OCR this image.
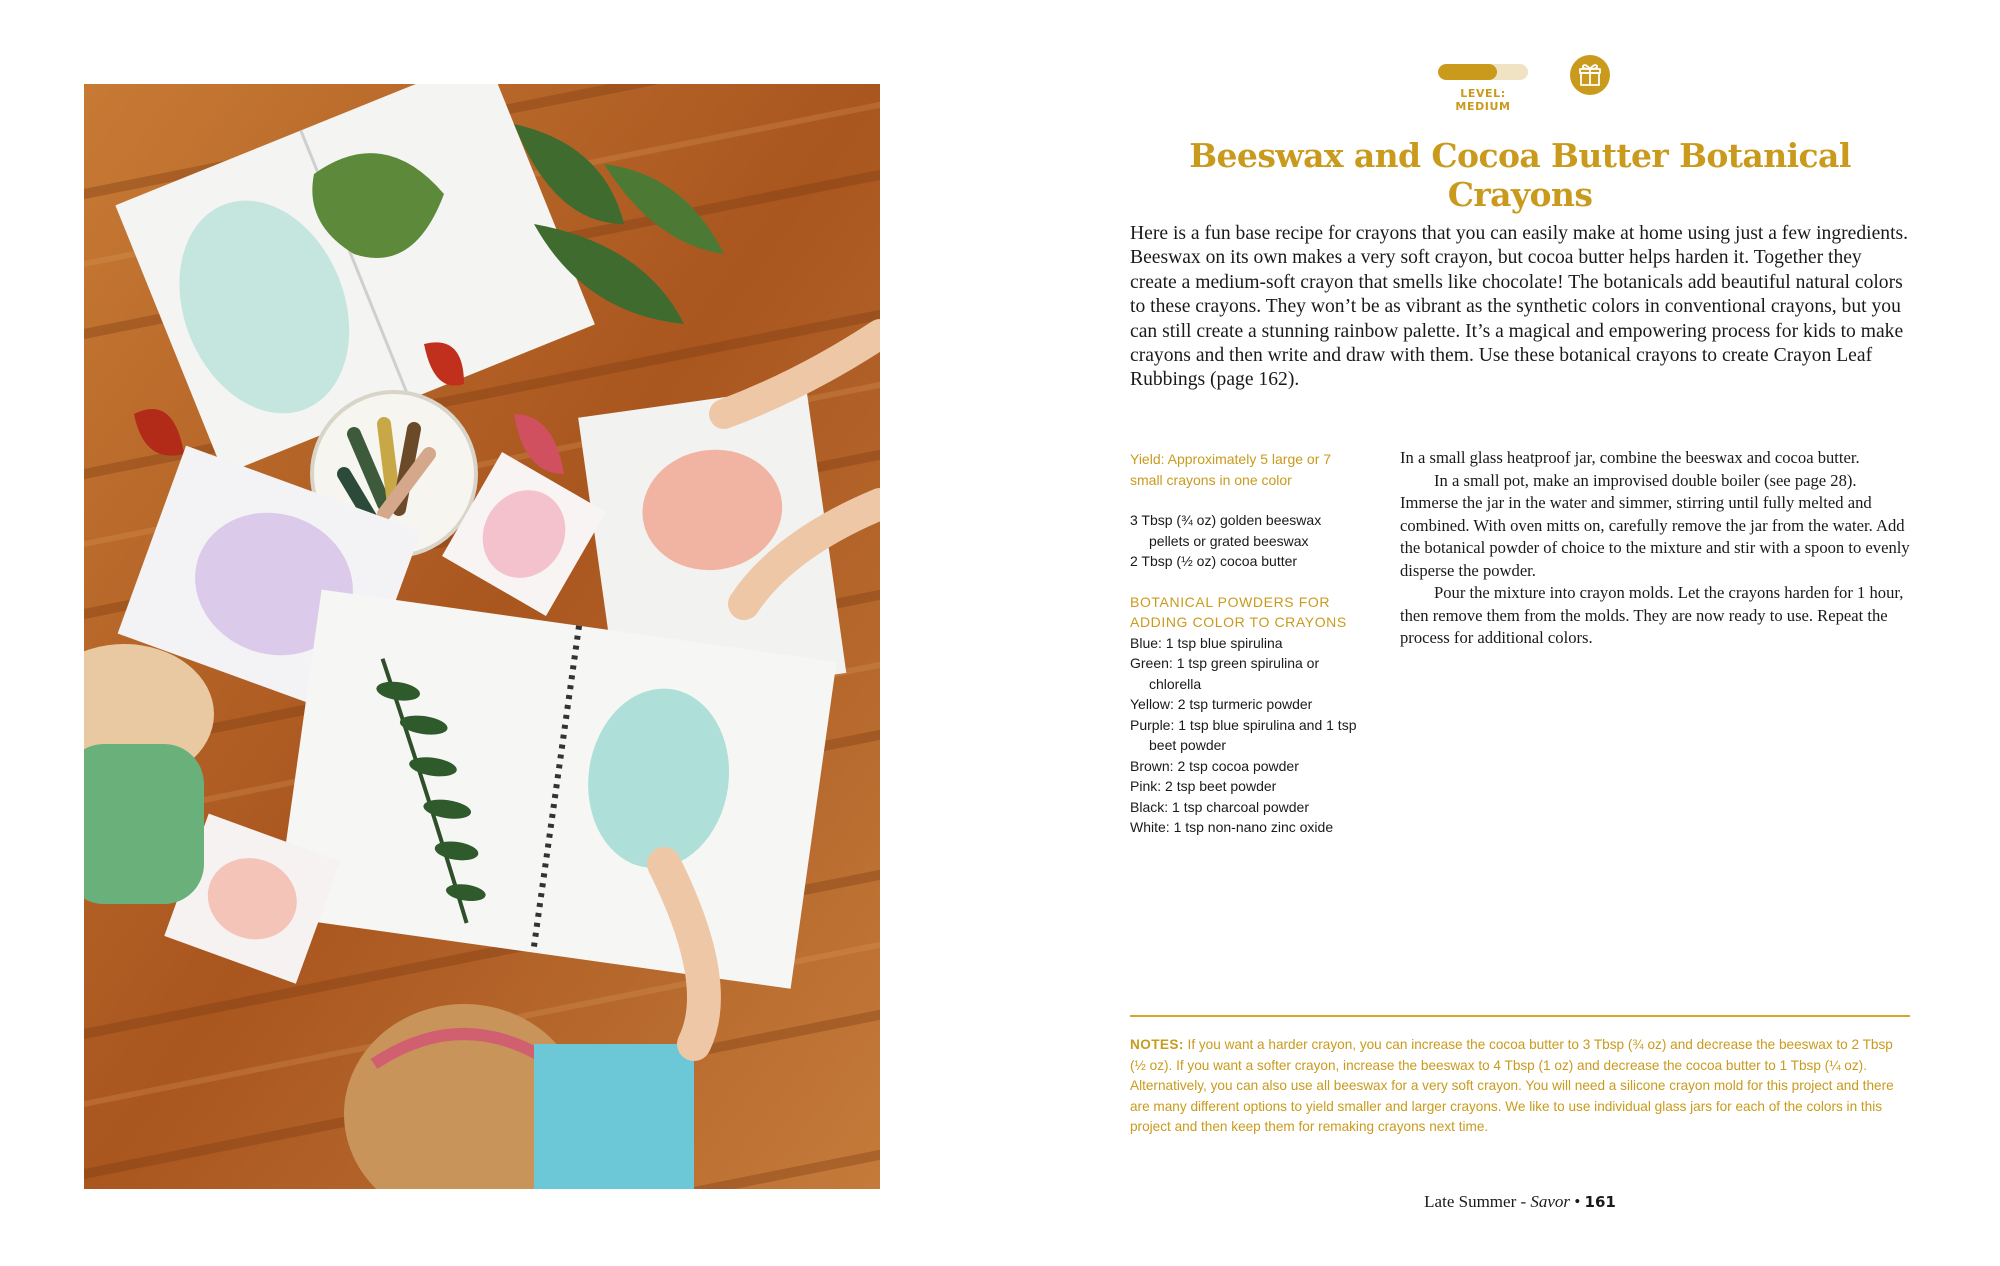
LEVEL: MEDIUM
Beeswax and Cocoa Butter Botanical Crayons

Here is a fun base recipe for crayons that you can easily make at home using just a few ingredients. Beeswax on its own makes a very soft crayon, but cocoa butter helps harden it. Together they create a medium-soft crayon that smells like chocolate! The botanicals add beautiful natural colors to these crayons. They won’t be as vibrant as the synthetic colors in conventional crayons, but you can still create a stunning rainbow palette. It’s a magical and empowering process for kids to make crayons and then write and draw with them. Use these botanical crayons to create Crayon Leaf Rubbings (page 162).

Yield: Approximately 5 large or 7 small crayons in one color

3 Tbsp (¾ oz) golden beeswax pellets or grated beeswax
2 Tbsp (½ oz) cocoa butter

BOTANICAL POWDERS FOR ADDING COLOR TO CRAYONS

Blue: 1 tsp blue spirulina
Green: 1 tsp green spirulina or chlorella
Yellow: 2 tsp turmeric powder
Purple: 1 tsp blue spirulina and 1 tsp beet powder
Brown: 2 tsp cocoa powder
Pink: 2 tsp beet powder
Black: 1 tsp charcoal powder
White: 1 tsp non-nano zinc oxide

In a small glass heatproof jar, combine the beeswax and cocoa butter.

In a small pot, make an improvised double boiler (see page 28). Immerse the jar in the water and simmer, stirring until fully melted and combined. With oven mitts on, carefully remove the jar from the water. Add the botanical powder of choice to the mixture and stir with a spoon to evenly disperse the powder.

Pour the mixture into crayon molds. Let the crayons harden for 1 hour, then remove them from the molds. They are now ready to use. Repeat the process for additional colors.

NOTES: If you want a harder crayon, you can increase the cocoa butter to 3 Tbsp (¾ oz) and decrease the beeswax to 2 Tbsp (½ oz). If you want a softer crayon, increase the beeswax to 4 Tbsp (1 oz) and decrease the cocoa butter to 1 Tbsp (¼ oz). Alternatively, you can also use all beeswax for a very soft crayon. You will need a silicone crayon mold for this project and there are many different options to yield smaller and larger crayons. We like to use individual glass jars for each of the colors in this project and then keep them for remaking crayons next time.

Late Summer - Savor • 161
